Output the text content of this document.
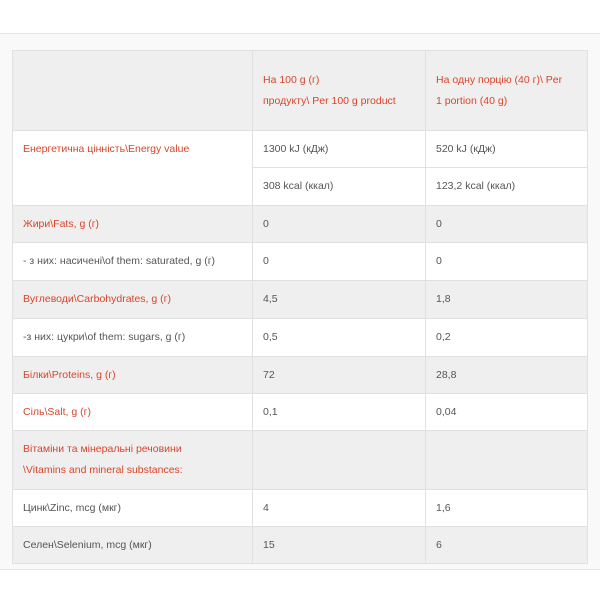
	На 100 g (г)
продукту\ Per 100 g product	На одну порцію (40 г)\ Per
1 portion (40 g)

Енергетична цінність\Energy value	1300 kJ (кДж)	520 kJ (кДж)
	308 kcal (ккал)	123,2 kcal (ккал)
Жири\Fats, g (г)	0	0
- з них: насичені\of them: saturated, g (г)	0	0
Вуглеводи\Carbohydrates, g (г)	4,5	1,8
-з них: цукри\of them: sugars, g (г)	0,5	0,2
Білки\Proteins, g (г)	72	28,8
Сіль\Salt, g (г)	0,1	0,04

Вітаміни та мінеральні речовини
\Vitamins and mineral substances:		

Цинк\Zinc, mcg (мкг)	4	1,6
Селен\Selenium, mcg (мкг)	15	6
